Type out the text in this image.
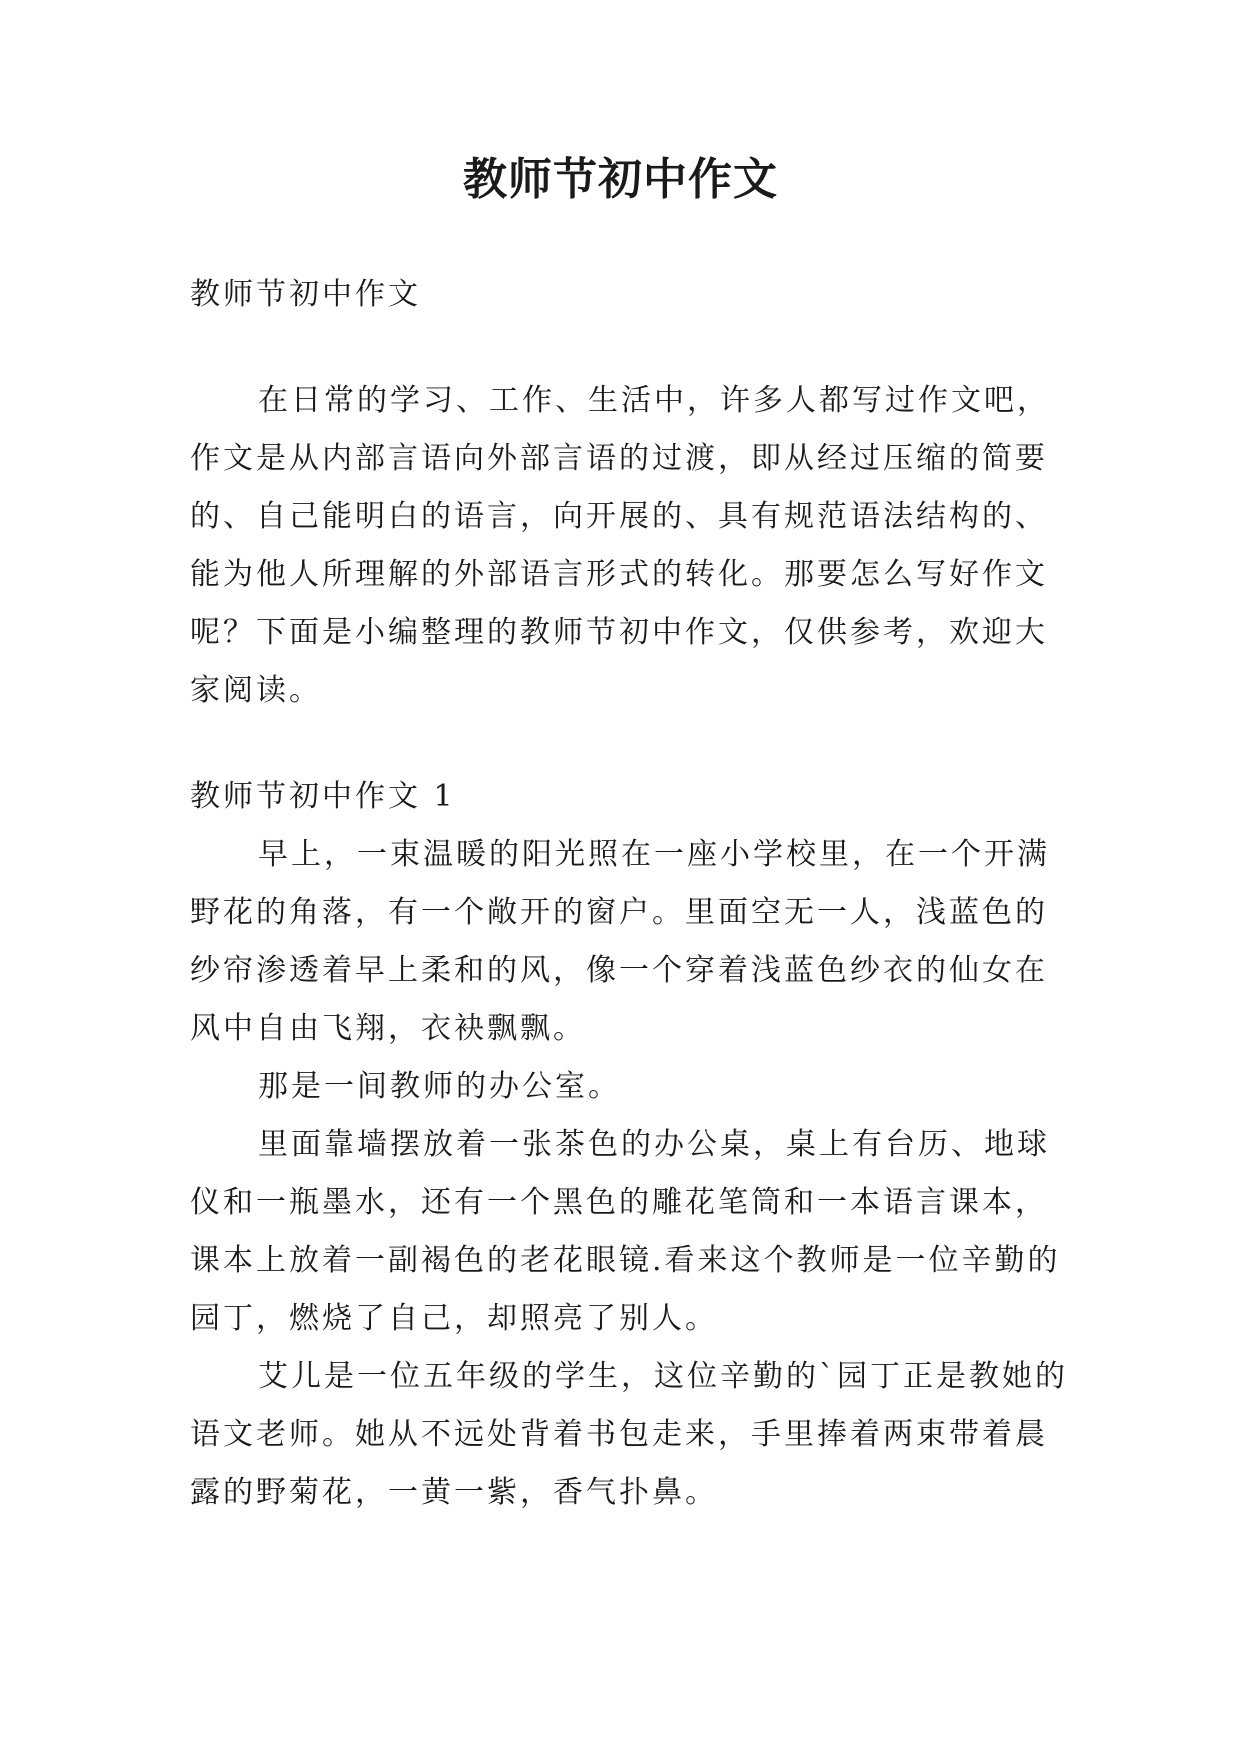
教师节初中作文

教师节初中作文

在日常的学习、工作、生活中，许多人都写过作文吧，作文是从内部言语向外部言语的过渡，即从经过压缩的简要的、自己能明白的语言，向开展的、具有规范语法结构的、能为他人所理解的外部语言形式的转化。那要怎么写好作文呢？下面是小编整理的教师节初中作文，仅供参考，欢迎大家阅读。

教师节初中作文 1

早上，一束温暖的阳光照在一座小学校里，在一个开满野花的角落，有一个敞开的窗户。里面空无一人，浅蓝色的纱帘渗透着早上柔和的风，像一个穿着浅蓝色纱衣的仙女在风中自由飞翔，衣袂飘飘。

那是一间教师的办公室。

里面靠墙摆放着一张茶色的办公桌，桌上有台历、地球仪和一瓶墨水，还有一个黑色的雕花笔筒和一本语言课本，课本上放着一副褐色的老花眼镜.看来这个教师是一位辛勤的园丁，燃烧了自己，却照亮了别人。

艾儿是一位五年级的学生，这位辛勤的`园丁正是教她的语文老师。她从不远处背着书包走来，手里捧着两束带着晨露的野菊花，一黄一紫，香气扑鼻。
